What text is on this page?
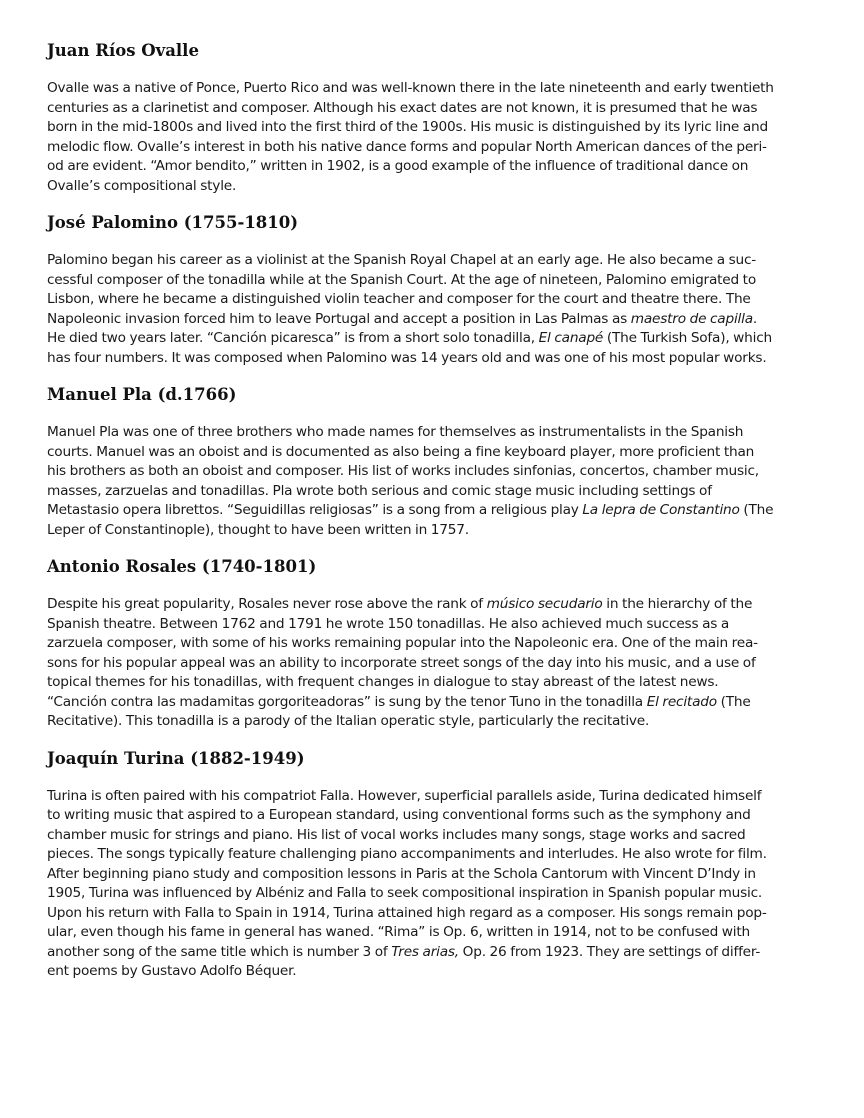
Juan Ríos Ovalle

Ovalle was a native of Ponce, Puerto Rico and was well-known there in the late nineteenth and early twentieth
centuries as a clarinetist and composer. Although his exact dates are not known, it is presumed that he was
born in the mid-1800s and lived into the first third of the 1900s. His music is distinguished by its lyric line and
melodic flow. Ovalle’s interest in both his native dance forms and popular North American dances of the peri-
od are evident. “Amor bendito,” written in 1902, is a good example of the influence of traditional dance on
Ovalle’s compositional style.

José Palomino (1755-1810)

Palomino began his career as a violinist at the Spanish Royal Chapel at an early age. He also became a suc-
cessful composer of the tonadilla while at the Spanish Court. At the age of nineteen, Palomino emigrated to
Lisbon, where he became a distinguished violin teacher and composer for the court and theatre there. The
Napoleonic invasion forced him to leave Portugal and accept a position in Las Palmas as maestro de capilla.
He died two years later. “Canción picaresca” is from a short solo tonadilla, El canapé (The Turkish Sofa), which
has four numbers. It was composed when Palomino was 14 years old and was one of his most popular works.

Manuel Pla (d.1766)

Manuel Pla was one of three brothers who made names for themselves as instrumentalists in the Spanish
courts. Manuel was an oboist and is documented as also being a fine keyboard player, more proficient than
his brothers as both an oboist and composer. His list of works includes sinfonias, concertos, chamber music,
masses, zarzuelas and tonadillas. Pla wrote both serious and comic stage music including settings of
Metastasio opera librettos. “Seguidillas religiosas” is a song from a religious play La lepra de Constantino (The
Leper of Constantinople), thought to have been written in 1757.

Antonio Rosales (1740-1801)

Despite his great popularity, Rosales never rose above the rank of músico secudario in the hierarchy of the
Spanish theatre. Between 1762 and 1791 he wrote 150 tonadillas. He also achieved much success as a
zarzuela composer, with some of his works remaining popular into the Napoleonic era. One of the main rea-
sons for his popular appeal was an ability to incorporate street songs of the day into his music, and a use of
topical themes for his tonadillas, with frequent changes in dialogue to stay abreast of the latest news.
“Canción contra las madamitas gorgoriteadoras” is sung by the tenor Tuno in the tonadilla El recitado (The
Recitative). This tonadilla is a parody of the Italian operatic style, particularly the recitative.

Joaquín Turina (1882-1949)

Turina is often paired with his compatriot Falla. However, superficial parallels aside, Turina dedicated himself
to writing music that aspired to a European standard, using conventional forms such as the symphony and
chamber music for strings and piano. His list of vocal works includes many songs, stage works and sacred
pieces. The songs typically feature challenging piano accompaniments and interludes. He also wrote for film.
After beginning piano study and composition lessons in Paris at the Schola Cantorum with Vincent D’Indy in
1905, Turina was influenced by Albéniz and Falla to seek compositional inspiration in Spanish popular music.
Upon his return with Falla to Spain in 1914, Turina attained high regard as a composer. His songs remain pop-
ular, even though his fame in general has waned. “Rima” is Op. 6, written in 1914, not to be confused with
another song of the same title which is number 3 of Tres arias, Op. 26 from 1923. They are settings of differ-
ent poems by Gustavo Adolfo Béquer.
